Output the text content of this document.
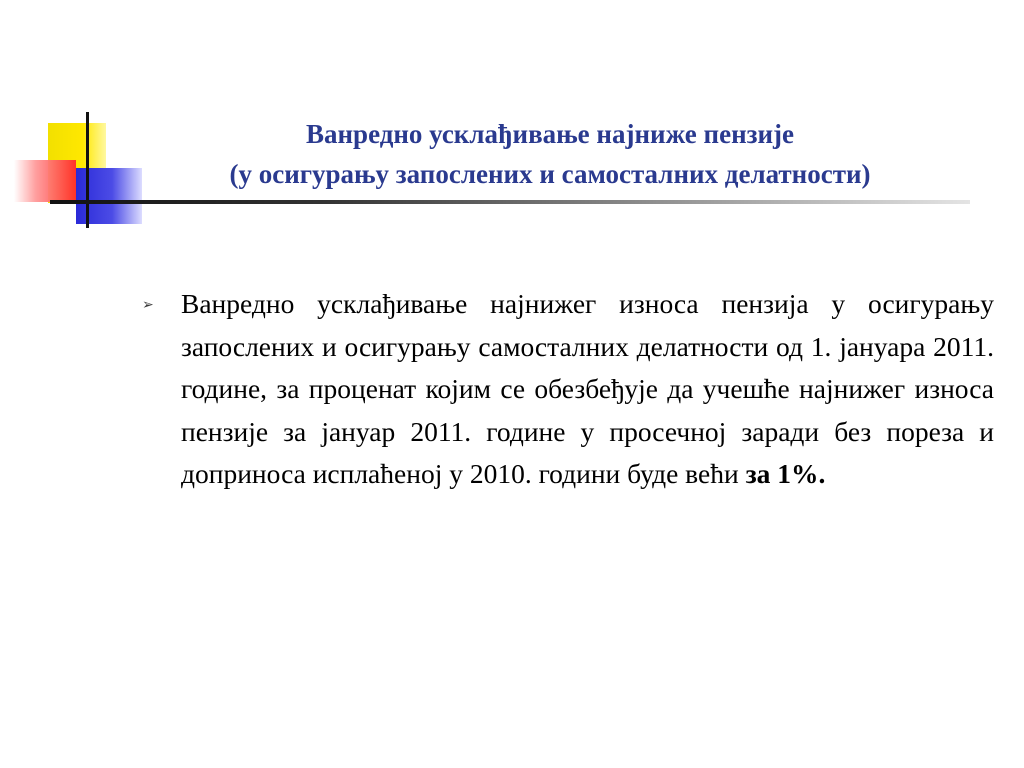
Ванредно усклађивање најниже пензије
(у осигурању запослених и самосталних делатности)
➢ Ванредно усклађивање најнижег износа пензија у осигурању запослених и осигурању самосталних делатности од 1. јануара 2011. године, за проценат којим се обезбеђује да учешће најнижег износа пензије за јануар 2011. године у просечној заради без пореза и доприноса исплаћеној у 2010. години буде већи за 1%.
